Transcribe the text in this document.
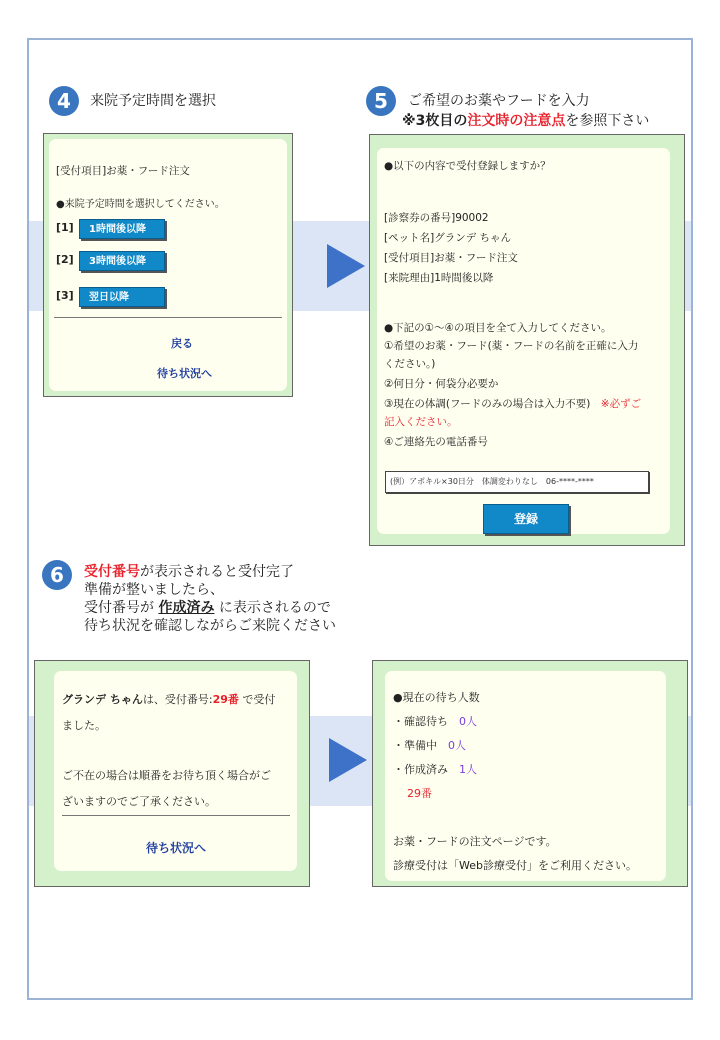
4	来院予定時間を選択
[受付項目]お薬・フード注文
●来院予定時間を選択してください。
[1]	1時間後以降
[2]	3時間後以降
[3]	翌日以降
戻る
待ち状況へ
5	ご希望のお薬やフードを入力
※3枚目の注文時の注意点を参照下さい
●以下の内容で受付登録しますか？
[診察券の番号]90002
[ペット名]グランデ ちゃん
[受付項目]お薬・フード注文
[来院理由]1時間後以降
●下記の①～④の項目を全て入力してください。
①希望のお薬・フード(薬・フードの名前を正確に入力
ください。)
②何日分・何袋分必要か
③現在の体調(フードのみの場合は入力不要)　 ※必ずご
記入ください。
④ご連絡先の電話番号
(例）アポキル×30日分　体調変わりなし　06-****-****
登録
6	受付番号が表示されると受付完了
準備が整いましたら、
受付番号が 作成済み に表示されるので
待ち状況を確認しながらご来院ください
グランデ ちゃんは、受付番号:29番 で受付
ました。
ご不在の場合は順番をお待ち頂く場合がご
ざいますのでご了承ください。
待ち状況へ
●現在の待ち人数
・確認待ち　 0人
・準備中　 0人
・作成済み　 1人
29番
お薬・フードの注文ページです。
診療受付は「Web診療受付」をご利用ください。
